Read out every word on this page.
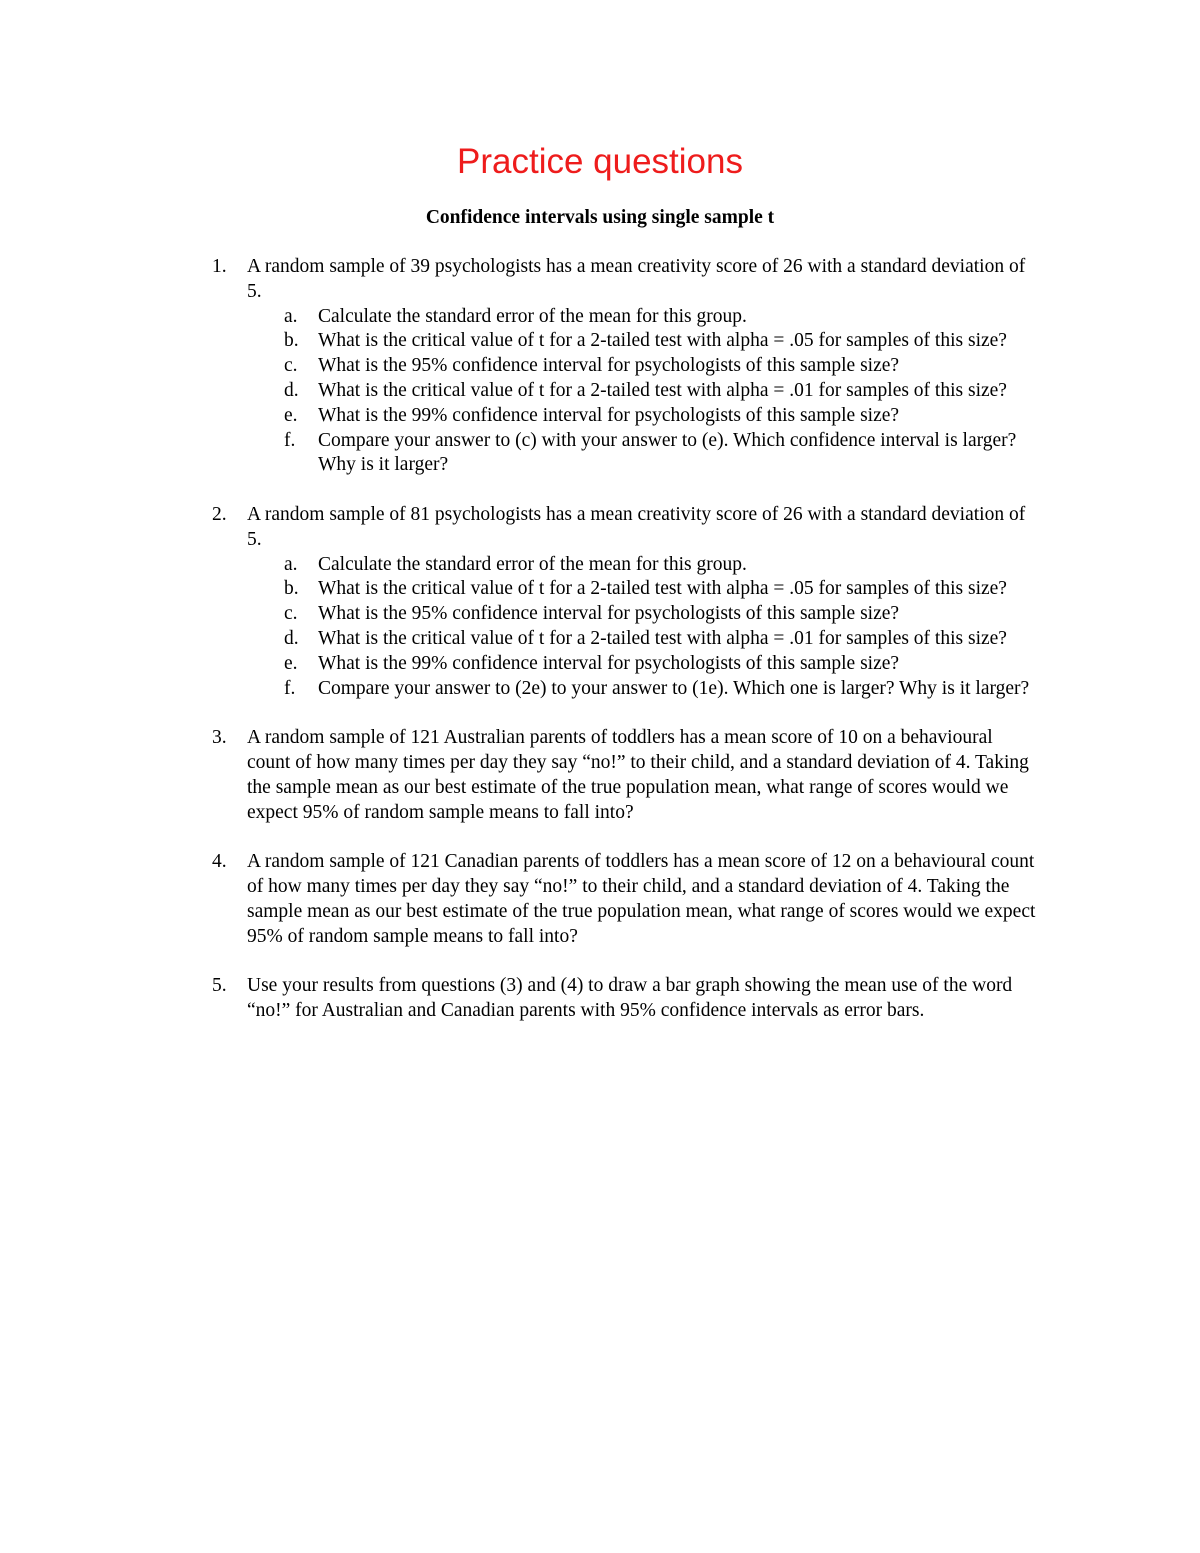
Practice questions
Confidence intervals using single sample t
1.	A random sample of 39 psychologists has a mean creativity score of 26 with a standard deviation of 5.
a.	Calculate the standard error of the mean for this group.
b. What is the critical value of t for a 2-tailed test with alpha = .05 for samples of this size?
c.	What is the 95% confidence interval for psychologists of this sample size?
d. What is the critical value of t for a 2-tailed test with alpha = .01 for samples of this size?
e.	What is the 99% confidence interval for psychologists of this sample size?
f.	Compare your answer to (c) with your answer to (e). Which confidence interval is larger? Why is it larger?
2.	A random sample of 81 psychologists has a mean creativity score of 26 with a standard deviation of 5.
a.	Calculate the standard error of the mean for this group.
b. What is the critical value of t for a 2-tailed test with alpha = .05 for samples of this size?
c.	What is the 95% confidence interval for psychologists of this sample size?
d. What is the critical value of t for a 2-tailed test with alpha = .01 for samples of this size?
e.	What is the 99% confidence interval for psychologists of this sample size?
f.	Compare your answer to (2e) to your answer to (1e). Which one is larger? Why is it larger?
3.	A random sample of 121 Australian parents of toddlers has a mean score of 10 on a behavioural count of how many times per day they say “no!” to their child, and a standard deviation of 4. Taking the sample mean as our best estimate of the true population mean, what range of scores would we expect 95% of random sample means to fall into?
4.	A random sample of 121 Canadian parents of toddlers has a mean score of 12 on a behavioural count of how many times per day they say “no!” to their child, and a standard deviation of 4. Taking the sample mean as our best estimate of the true population mean, what range of scores would we expect 95% of random sample means to fall into?
5.	Use your results from questions (3) and (4) to draw a bar graph showing the mean use of the word “no!” for Australian and Canadian parents with 95% confidence intervals as error bars.
